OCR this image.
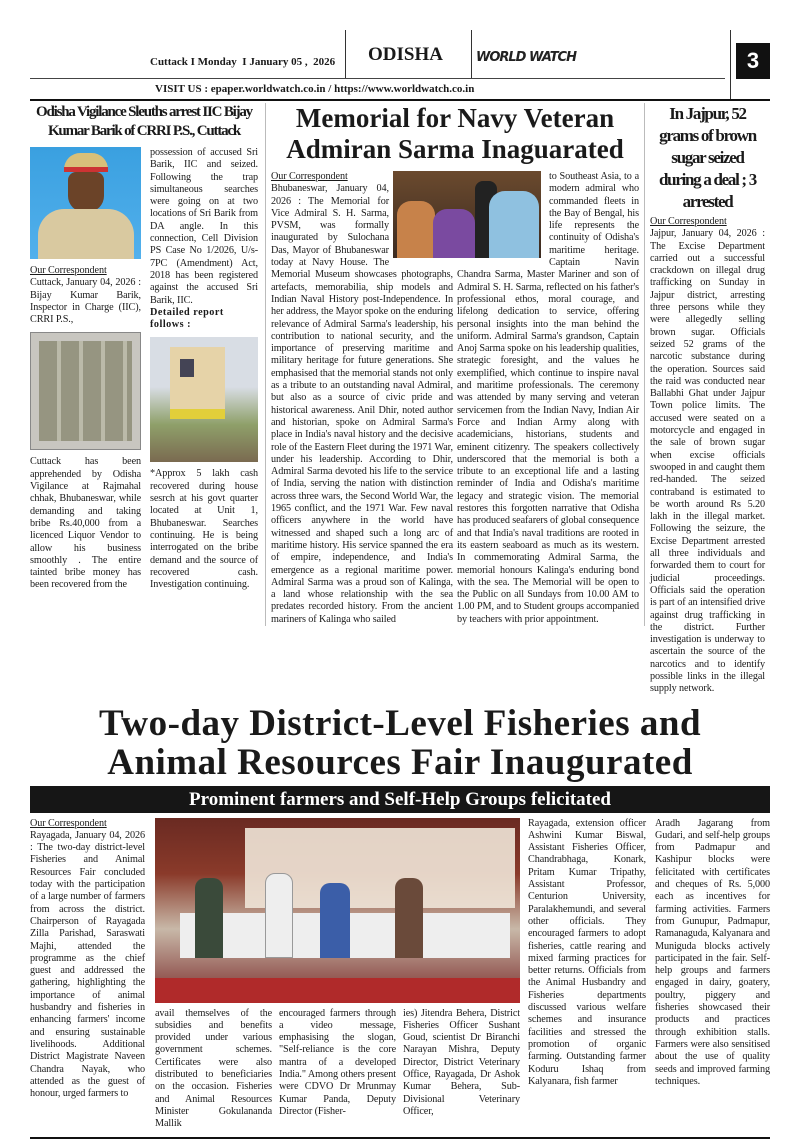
Cuttack I Monday  I January 05 ,  2026 ODISHA	WORLD WATCH	3
VISIT US : epaper.worldwatch.co.in / https://www.worldwatch.co.in
Odisha Vigilance Sleuths arrest IIC Bijay Kumar Barik of CRRI P.S., Cuttack
Our Correspondent
Cuttack, January 04, 2026 : Bijay Kumar Barik, Inspector in Charge (IIC), CRRI P.S.,
Cuttack has been apprehended by Odisha Vigilance at Rajmahal chhak, Bhubaneswar, while demanding and taking bribe Rs.40,000 from a licenced Liquor Vendor to allow his business smoothly . The entire tainted bribe money has been recovered from the
possession of accused Sri Barik, IIC and seized. Following the trap simultaneous searches were going on at two locations of Sri Barik from DA angle. In this connection, Cell Division PS Case No 1/2026, U/s-7PC (Amendment) Act, 2018 has been registered against the accused Sri Barik, IIC.
Detailed report follows :
*Approx 5 lakh cash recovered during house sesrch at his govt quarter located at Unit 1, Bhubaneswar. Searches continuing. He is being interrogated on the bribe demand and the source of recovered cash. Investigation continuing.
Memorial for Navy Veteran Admiran Sarma Inaguarated
Our Correspondent
Bhubaneswar, January 04, 2026 : The Memorial for Vice Admiral S. H. Sarma, PVSM, was formally inaugurated by Sulochana Das, Mayor of Bhubaneswar today at Navy House. The Memorial Museum showcases photographs, artefacts, memorabilia, ship models and Indian Naval History post-Independence. In her address, the Mayor spoke on the enduring relevance of Admiral Sarma's leadership, his contribution to national security, and the importance of preserving maritime and military heritage for future generations. She emphasised that the memorial stands not only as a tribute to an outstanding naval Admiral, but also as a source of civic pride and historical awareness. Anil Dhir, noted author and historian, spoke on Admiral Sarma's place in India's naval history and the decisive role of the Eastern Fleet during the 1971 War, under his leadership. According to Dhir, Admiral Sarma devoted his life to the service of India, serving the nation with distinction across three wars, the Second World War, the 1965 conflict, and the 1971 War. Few naval officers anywhere in the world have witnessed and shaped such a long arc of maritime history. His service spanned the era of empire, independence, and India's emergence as a regional maritime power. Admiral Sarma was a proud son of Kalinga, a land whose relationship with the sea predates recorded history. From the ancient mariners of Kalinga who sailed
to Southeast Asia, to a modern admiral who commanded fleets in the Bay of Bengal, his life represents the continuity of Odisha's maritime heritage. Captain Navin Chandra Sarma, Master Mariner and son of Admiral S. H. Sarma, reflected on his father's professional ethos, moral courage, and lifelong dedication to service, offering personal insights into the man behind the uniform. Admiral Sarma's grandson, Captain Anoj Sarma spoke on his leadership qualities, strategic foresight, and the values he exemplified, which continue to inspire naval and maritime professionals. The ceremony was attended by many serving and veteran servicemen from the Indian Navy, Indian Air Force and Indian Army along with academicians, historians, students and eminent citizenry. The speakers collectively underscored that the memorial is both a tribute to an exceptional life and a lasting reminder of India and Odisha's maritime legacy and strategic vision. The memorial restores this forgotten narrative that Odisha has produced seafarers of global consequence and that India's naval traditions are rooted in its eastern seaboard as much as its western. In commemorating Admiral Sarma, the memorial honours Kalinga's enduring bond with the sea. The Memorial will be open to the Public on all Sundays from 10.00 AM to 1.00 PM, and to Student groups accompanied by teachers with prior appointment.
In Jajpur, 52 grams of brown sugar seized during a deal ; 3 arrested
Our Correspondent
Jajpur, January 04, 2026 : The Excise Department carried out a successful crackdown on illegal drug trafficking on Sunday in Jajpur district, arresting three persons while they were allegedly selling brown sugar. Officials seized 52 grams of the narcotic substance during the operation. Sources said the raid was conducted near Ballabhi Ghat under Jajpur Town police limits. The accused were seated on a motorcycle and engaged in the sale of brown sugar when excise officials swooped in and caught them red-handed. The seized contraband is estimated to be worth around Rs 5.20 lakh in the illegal market. Following the seizure, the Excise Department arrested all three individuals and forwarded them to court for judicial proceedings. Officials said the operation is part of an intensified drive against drug trafficking in the district. Further investigation is underway to ascertain the source of the narcotics and to identify possible links in the illegal supply network.
Two-day District-Level Fisheries and
Animal Resources Fair Inaugurated
Prominent farmers and Self-Help Groups felicitated
Our Correspondent
Rayagada, January 04, 2026 : The two-day district-level Fisheries and Animal Resources Fair concluded today with the participation of a large number of farmers from across the district. Chairperson of Rayagada Zilla Parishad, Saraswati Majhi, attended the programme as the chief guest and addressed the gathering, highlighting the importance of animal husbandry and fisheries in enhancing farmers' income and ensuring sustainable livelihoods. Additional District Magistrate Naveen Chandra Nayak, who attended as the guest of honour, urged farmers to
avail themselves of the subsidies and benefits provided under various government schemes. Certificates were also distributed to beneficiaries on the occasion. Fisheries and Animal Resources Minister Gokulananda Mallik
encouraged farmers through a video message, emphasising the slogan, "Self-reliance is the core mantra of a developed India." Among others present were CDVO Dr Mrunmay Kumar Panda, Deputy Director (Fisher-
ies) Jitendra Behera, District Fisheries Officer Sushant Goud, scientist Dr Biranchi Narayan Mishra, Deputy Director, District Veterinary Office, Rayagada, Dr Ashok Kumar Behera, Sub-Divisional Veterinary Officer,
Rayagada, extension officer Ashwini Kumar Biswal, Assistant Fisheries Officer, Chandrabhaga, Konark, Pritam Kumar Tripathy, Assistant Professor, Centurion University, Paralakhemundi, and several other officials. They encouraged farmers to adopt fisheries, cattle rearing and mixed farming practices for better returns. Officials from the Animal Husbandry and Fisheries departments discussed various welfare schemes and insurance facilities and stressed the promotion of organic farming. Outstanding farmer Koduru Ishaq from Kalyanara, fish farmer
Aradh Jagarang from Gudari, and self-help groups from Padmapur and Kashipur blocks were felicitated with certificates and cheques of Rs. 5,000 each as incentives for farming activities. Farmers from Gunupur, Padmapur, Ramanaguda, Kalyanara and Muniguda blocks actively participated in the fair. Self-help groups and farmers engaged in dairy, goatery, poultry, piggery and fisheries showcased their products and practices through exhibition stalls. Farmers were also sensitised about the use of quality seeds and improved farming techniques.
